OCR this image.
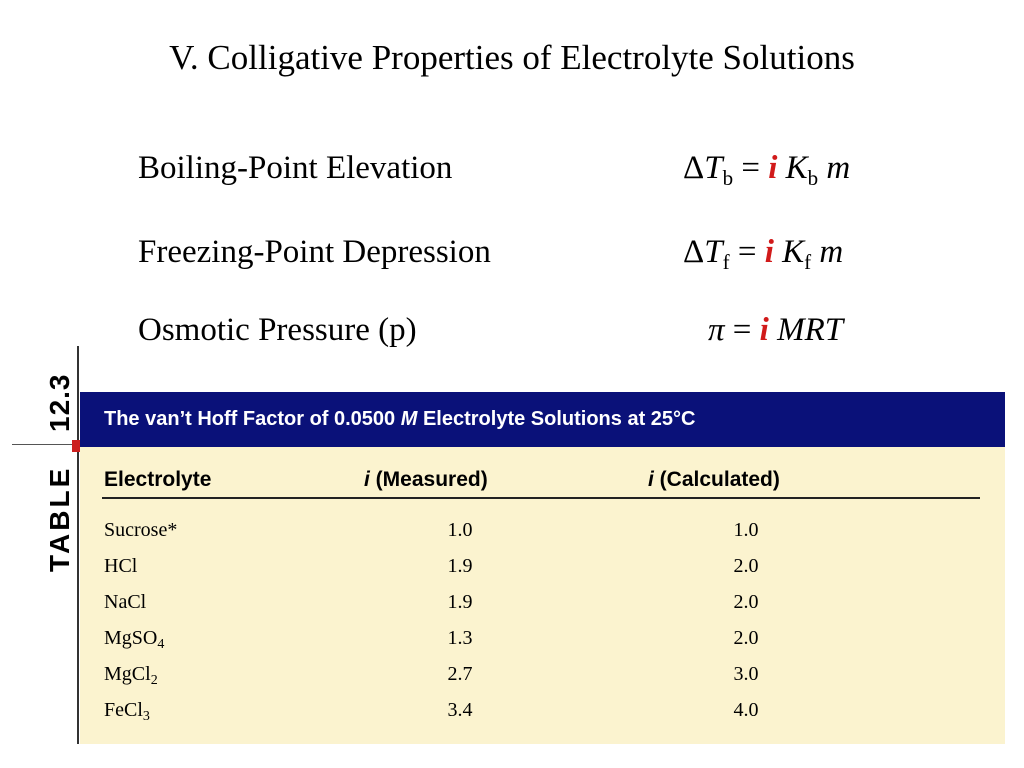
V. Colligative Properties of Electrolyte Solutions
Boiling-Point Elevation	$\Delta T_b = i$ $K_b$ m
Freezing-Point Depression	$\Delta T_f = i$ $K_f$ m
Osmotic Pressure (p)	π = i MRT
12.3
TABLE
The van’t Hoff Factor of 0.0500 M Electrolyte Solutions at 25°C
Electrolyte	i (Measured)	i (Calculated)
Sucrose*	1.0	1.0
HCl	1.9	2.0
NaCl	1.9	2.0
MgSO$_4$	1.3	2.0
MgCl$_2$	2.7	3.0
FeCl$_3$	3.4	4.0
